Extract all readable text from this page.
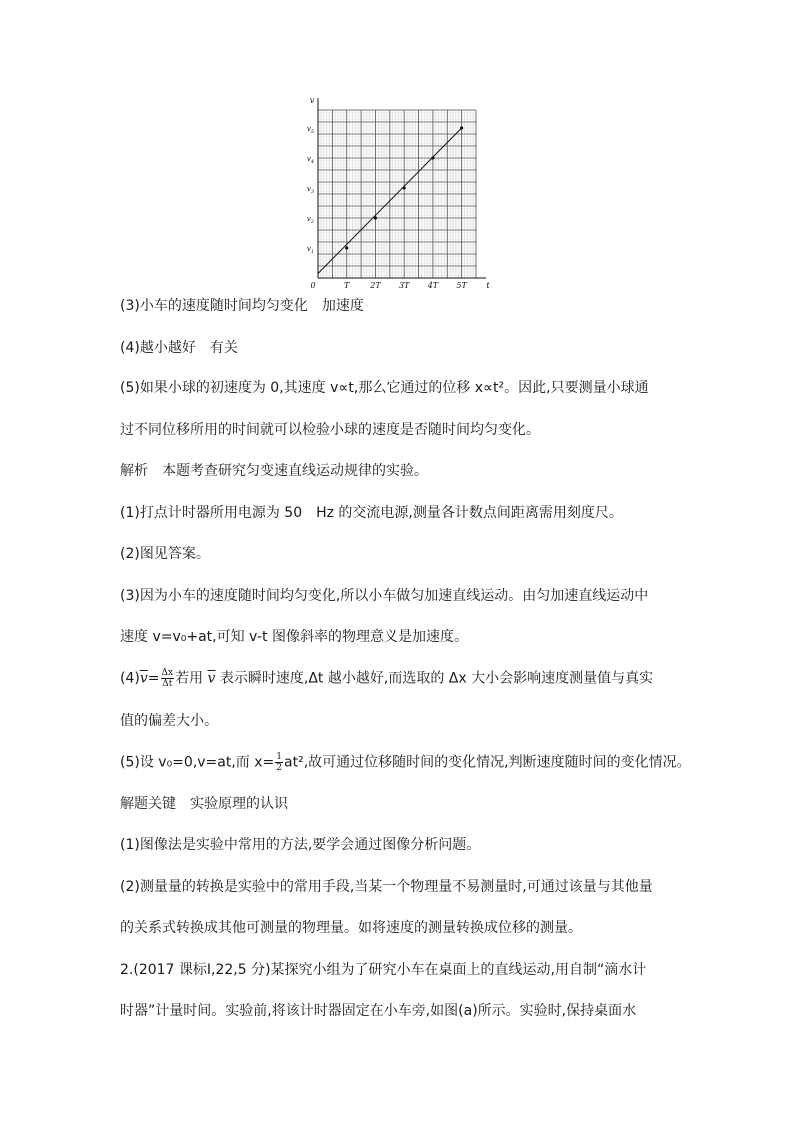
v
t
0	T	2T 3T 4T 5T
$v_1$
$v_2$
$v_3$
$v_4$
$v_5$
(3)小车的速度随时间均匀变化　加速度
(4)越小越好　有关
(5)如果小球的初速度为 0,其速度 v∝t,那么它通过的位移 x∝t²。因此,只要测量小球通
过不同位移所用的时间就可以检验小球的速度是否随时间均匀变化。
解析　本题考查研究匀变速直线运动规律的实验。
(1)打点计时器所用电源为 50　Hz 的交流电源,测量各计数点间距离需用刻度尺。
(2)图见答案。
(3)因为小车的速度随时间均匀变化,所以小车做匀加速直线运动。由匀加速直线运动中
速度 v=v₀+at,可知 v-t 图像斜率的物理意义是加速度。
$(4)\overline{v}= \frac{\Delta x}{\Delta t}$ 若用 $\overline{v}$ 表示瞬时速度,Δt 越小越好,而选取的 Δx 大小会影响速度测量值与真实
值的偏差大小。
(5)设 v₀=0,v=at,而 $x= \frac{1}{2} at^2$,故可通过位移随时间的变化情况,判断速度随时间的变化情况。
解题关键　实验原理的认识
(1)图像法是实验中常用的方法,要学会通过图像分析问题。
(2)测量量的转换是实验中的常用手段,当某一个物理量不易测量时,可通过该量与其他量
的关系式转换成其他可测量的物理量。如将速度的测量转换成位移的测量。
2.(2017 课标Ⅰ,22,5 分)某探究小组为了研究小车在桌面上的直线运动,用自制“滴水计
时器”计量时间。实验前,将该计时器固定在小车旁,如图(a)所示。实验时,保持桌面水
